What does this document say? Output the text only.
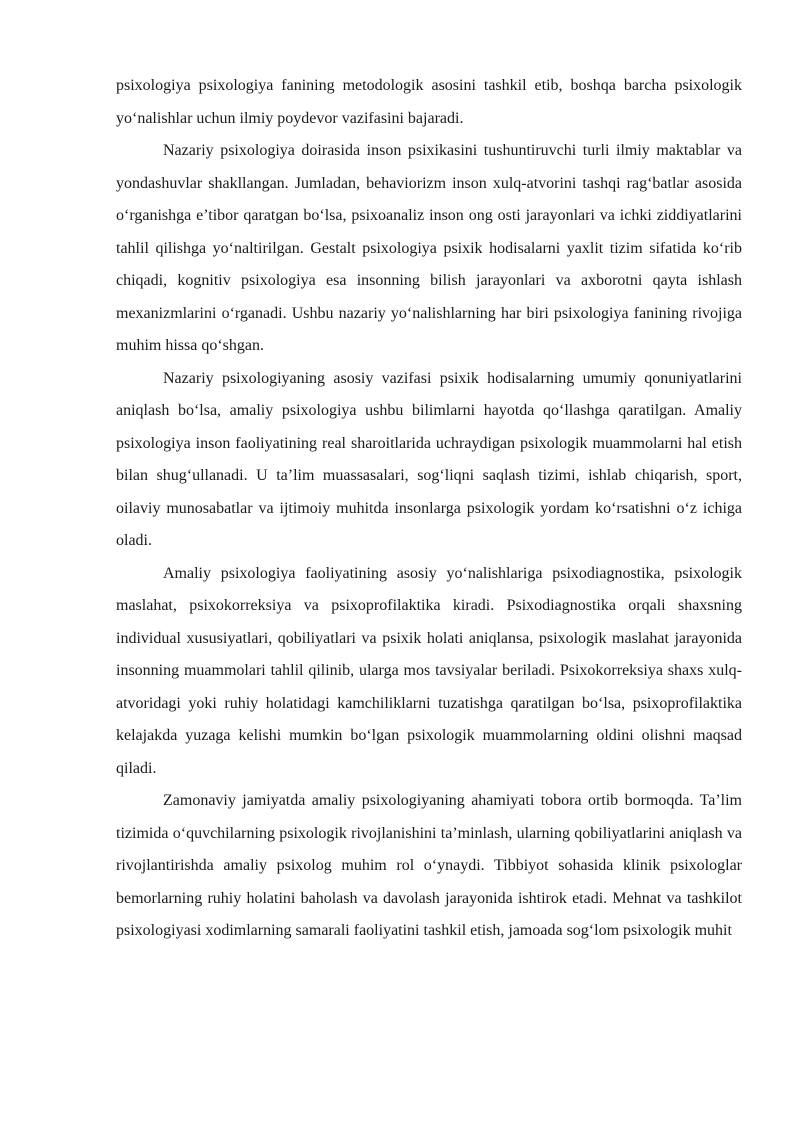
psixologiya psixologiya fanining metodologik asosini tashkil etib, boshqa barcha psixologik yo‘nalishlar uchun ilmiy poydevor vazifasini bajaradi.

Nazariy psixologiya doirasida inson psixikasini tushuntiruvchi turli ilmiy maktablar va yondashuvlar shakllangan. Jumladan, behaviorizm inson xulq-atvorini tashqi rag‘batlar asosida o‘rganishga e’tibor qaratgan bo‘lsa, psixoanaliz inson ong osti jarayonlari va ichki ziddiyatlarini tahlil qilishga yo‘naltirilgan. Gestalt psixologiya psixik hodisalarni yaxlit tizim sifatida ko‘rib chiqadi, kognitiv psixologiya esa insonning bilish jarayonlari va axborotni qayta ishlash mexanizmlarini o‘rganadi. Ushbu nazariy yo‘nalishlarning har biri psixologiya fanining rivojiga muhim hissa qo‘shgan.

Nazariy psixologiyaning asosiy vazifasi psixik hodisalarning umumiy qonuniyatlarini aniqlash bo‘lsa, amaliy psixologiya ushbu bilimlarni hayotda qo‘llashga qaratilgan. Amaliy psixologiya inson faoliyatining real sharoitlarida uchraydigan psixologik muammolarni hal etish bilan shug‘ullanadi. U ta’lim muassasalari, sog‘liqni saqlash tizimi, ishlab chiqarish, sport, oilaviy munosabatlar va ijtimoiy muhitda insonlarga psixologik yordam ko‘rsatishni o‘z ichiga oladi.

Amaliy psixologiya faoliyatining asosiy yo‘nalishlariga psixodiagnostika, psixologik maslahat, psixokorreksiya va psixoprofilaktika kiradi. Psixodiagnostika orqali shaxsning individual xususiyatlari, qobiliyatlari va psixik holati aniqlansa, psixologik maslahat jarayonida insonning muammolari tahlil qilinib, ularga mos tavsiyalar beriladi. Psixokorreksiya shaxs xulq-atvoridagi yoki ruhiy holatidagi kamchiliklarni tuzatishga qaratilgan bo‘lsa, psixoprofilaktika kelajakda yuzaga kelishi mumkin bo‘lgan psixologik muammolarning oldini olishni maqsad qiladi.

Zamonaviy jamiyatda amaliy psixologiyaning ahamiyati tobora ortib bormoqda. Ta’lim tizimida o‘quvchilarning psixologik rivojlanishini ta’minlash, ularning qobiliyatlarini aniqlash va rivojlantirishda amaliy psixolog muhim rol o‘ynaydi. Tibbiyot sohasida klinik psixologlar bemorlarning ruhiy holatini baholash va davolash jarayonida ishtirok etadi. Mehnat va tashkilot psixologiyasi xodimlarning samarali faoliyatini tashkil etish, jamoada sog‘lom psixologik muhit
